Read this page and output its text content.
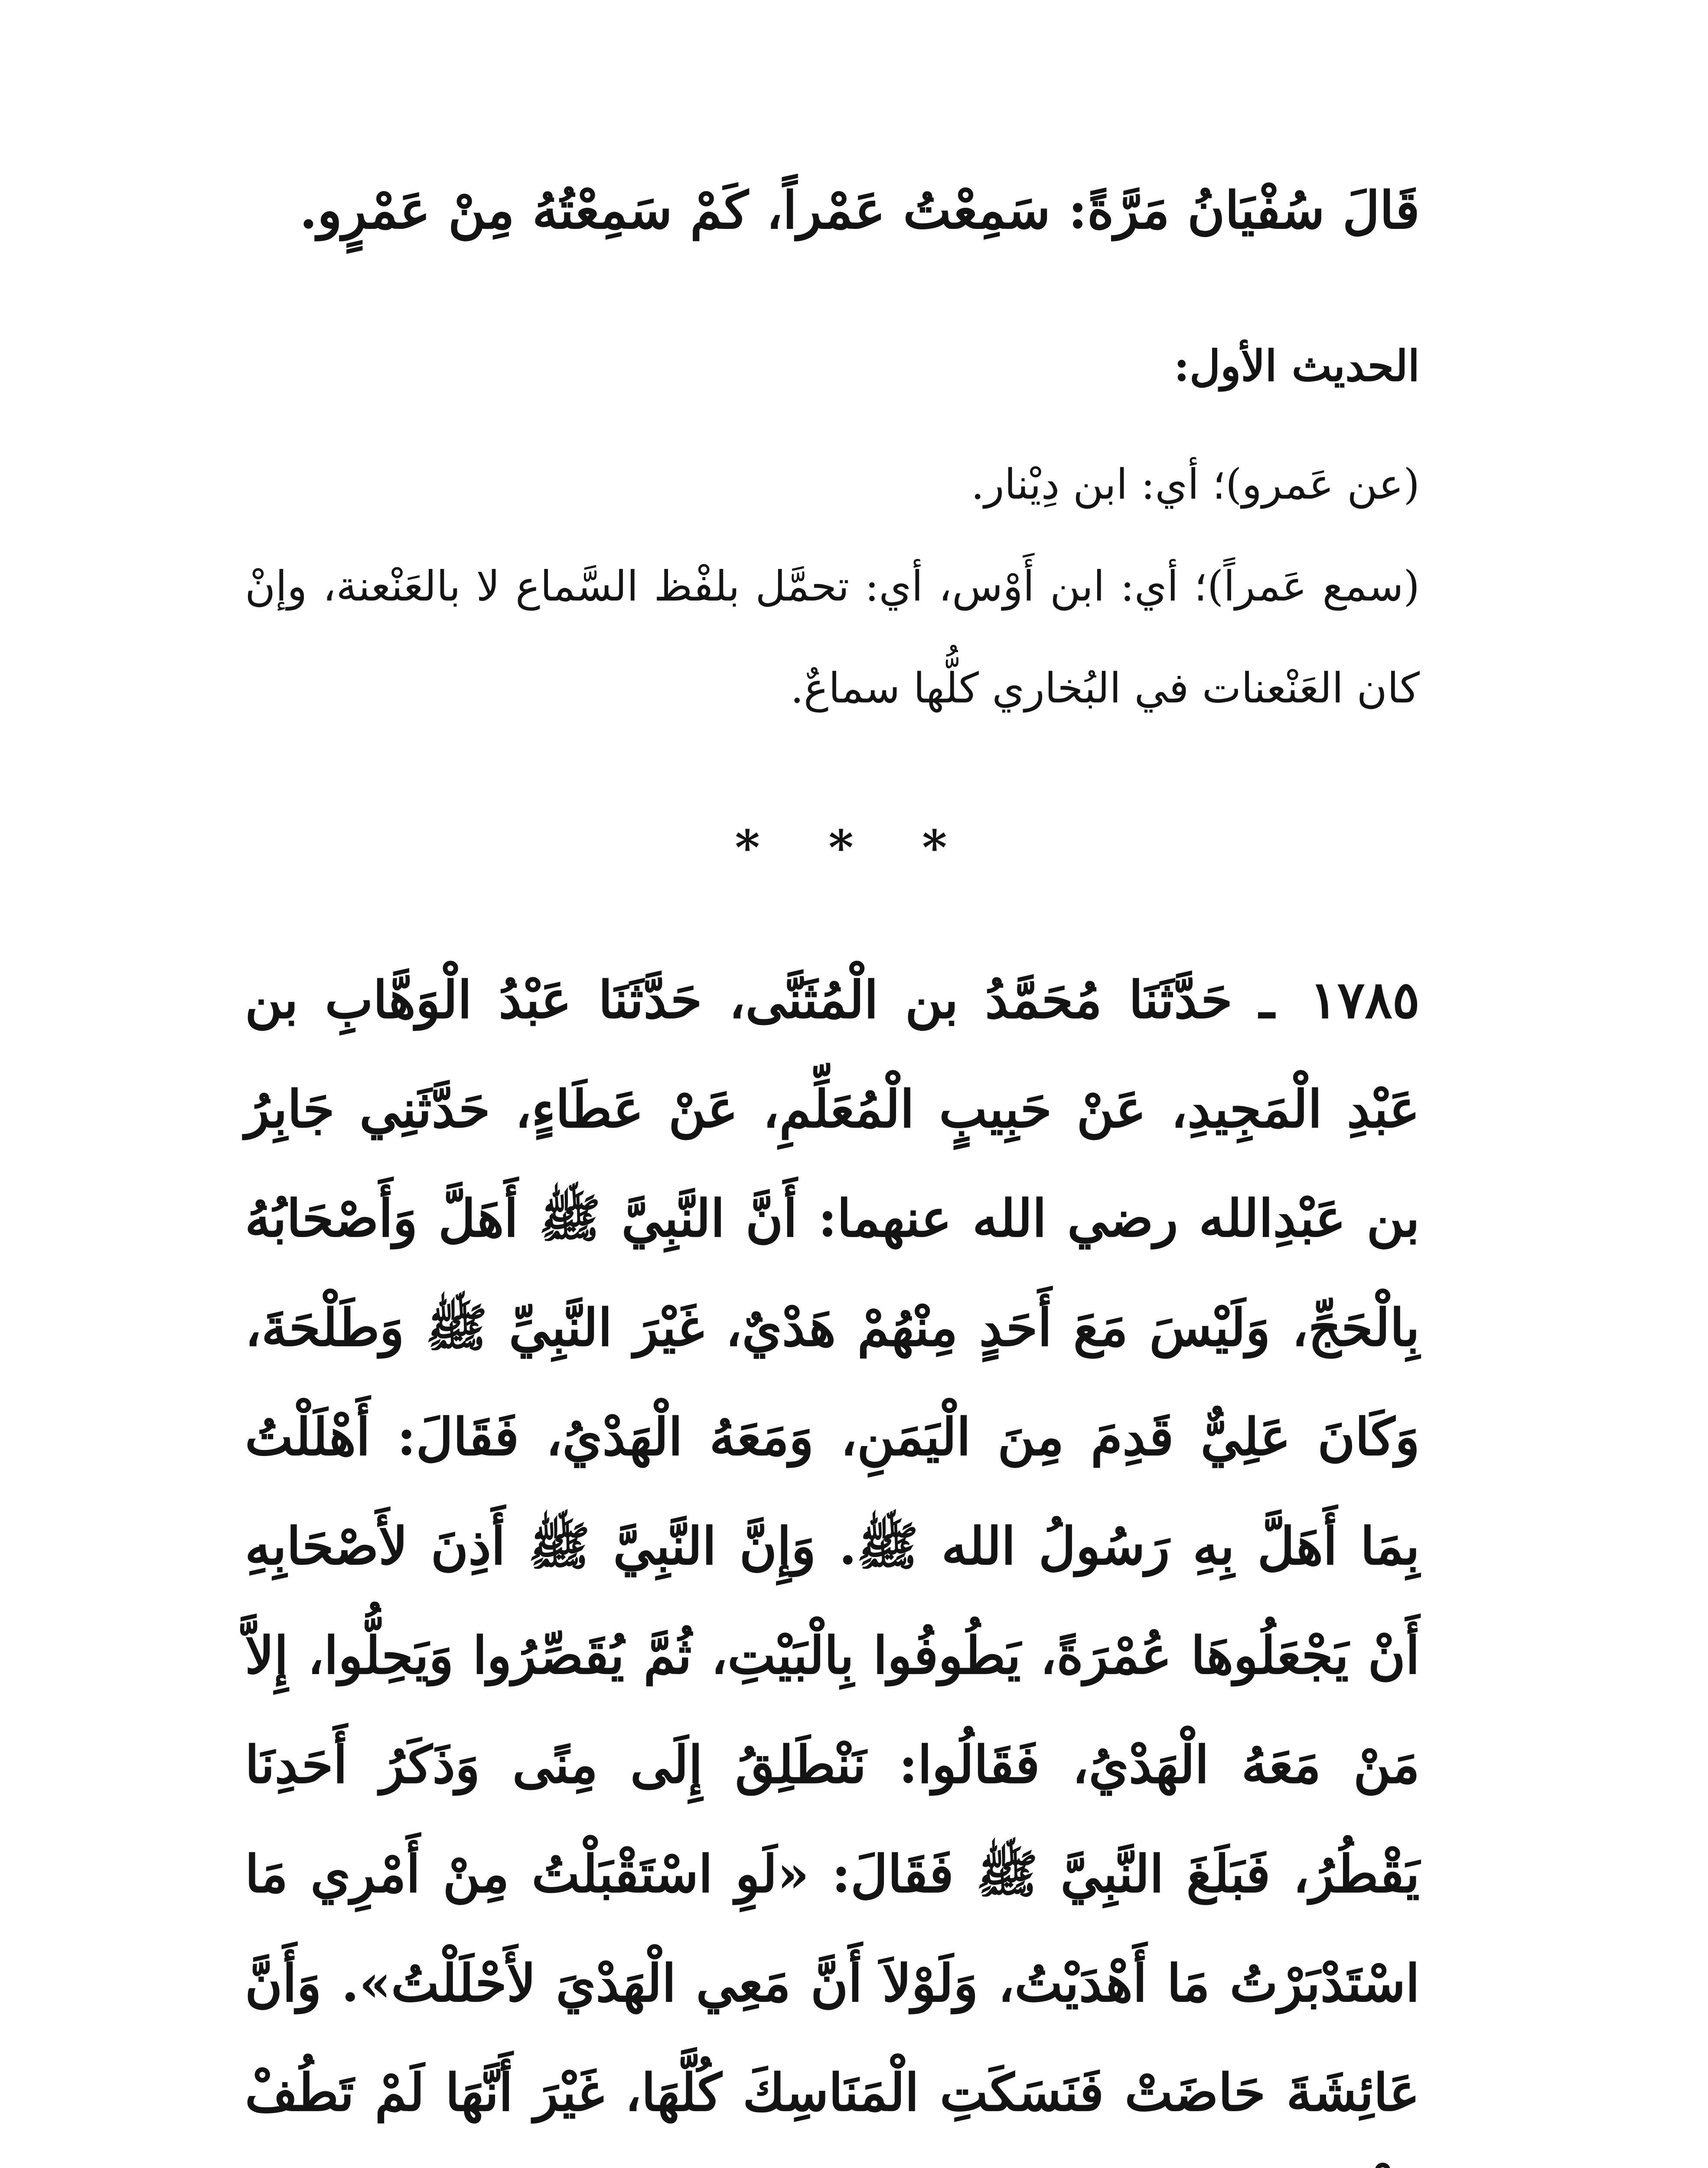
قَالَ سُفْيَانُ مَرَّةً: سَمِعْتُ عَمْراً، كَمْ سَمِعْتُهُ مِنْ عَمْرٍو.

الحديث الأول:

(عن عَمرو)؛ أي: ابن دِيْنار.

(سمع عَمراً)؛ أي: ابن أَوْس، أي: تحمَّل بلفْظ السَّماع لا بالعَنْعنة، وإنْ كان العَنْعنات في البُخاري كلُّها سماعٌ.

* * *

١٧٨٥ ـ حَدَّثَنَا مُحَمَّدُ بن الْمُثَنَّى، حَدَّثَنَا عَبْدُ الْوَهَّابِ بن عَبْدِ الْمَجِيدِ، عَنْ حَبِيبٍ الْمُعَلِّمِ، عَنْ عَطَاءٍ، حَدَّثَنِي جَابِرُ بن عَبْدِالله رضي الله عنهما: أَنَّ النَّبِيَّ ﷺ أَهَلَّ وَأَصْحَابُهُ بِالْحَجِّ، وَلَيْسَ مَعَ أَحَدٍ مِنْهُمْ هَدْيٌ، غَيْرَ النَّبِيِّ ﷺ وَطَلْحَةَ، وَكَانَ عَلِيٌّ قَدِمَ مِنَ الْيَمَنِ، وَمَعَهُ الْهَدْيُ، فَقَالَ: أَهْلَلْتُ بِمَا أَهَلَّ بِهِ رَسُولُ الله ﷺ. وَإِنَّ النَّبِيَّ ﷺ أَذِنَ لأَصْحَابِهِ أَنْ يَجْعَلُوهَا عُمْرَةً، يَطُوفُوا بِالْبَيْتِ، ثُمَّ يُقَصِّرُوا وَيَحِلُّوا، إِلاَّ مَنْ مَعَهُ الْهَدْيُ، فَقَالُوا: نَنْطَلِقُ إِلَى مِنًى وَذَكَرُ أَحَدِنَا يَقْطُرُ، فَبَلَغَ النَّبِيَّ ﷺ فَقَالَ: «لَوِ اسْتَقْبَلْتُ مِنْ أَمْرِي مَا اسْتَدْبَرْتُ مَا أَهْدَيْتُ، وَلَوْلاَ أَنَّ مَعِي الْهَدْيَ لأَحْلَلْتُ». وَأَنَّ عَائِشَةَ حَاضَتْ فَنَسَكَتِ الْمَنَاسِكَ كُلَّهَا، غَيْرَ أَنَّهَا لَمْ تَطُفْ
